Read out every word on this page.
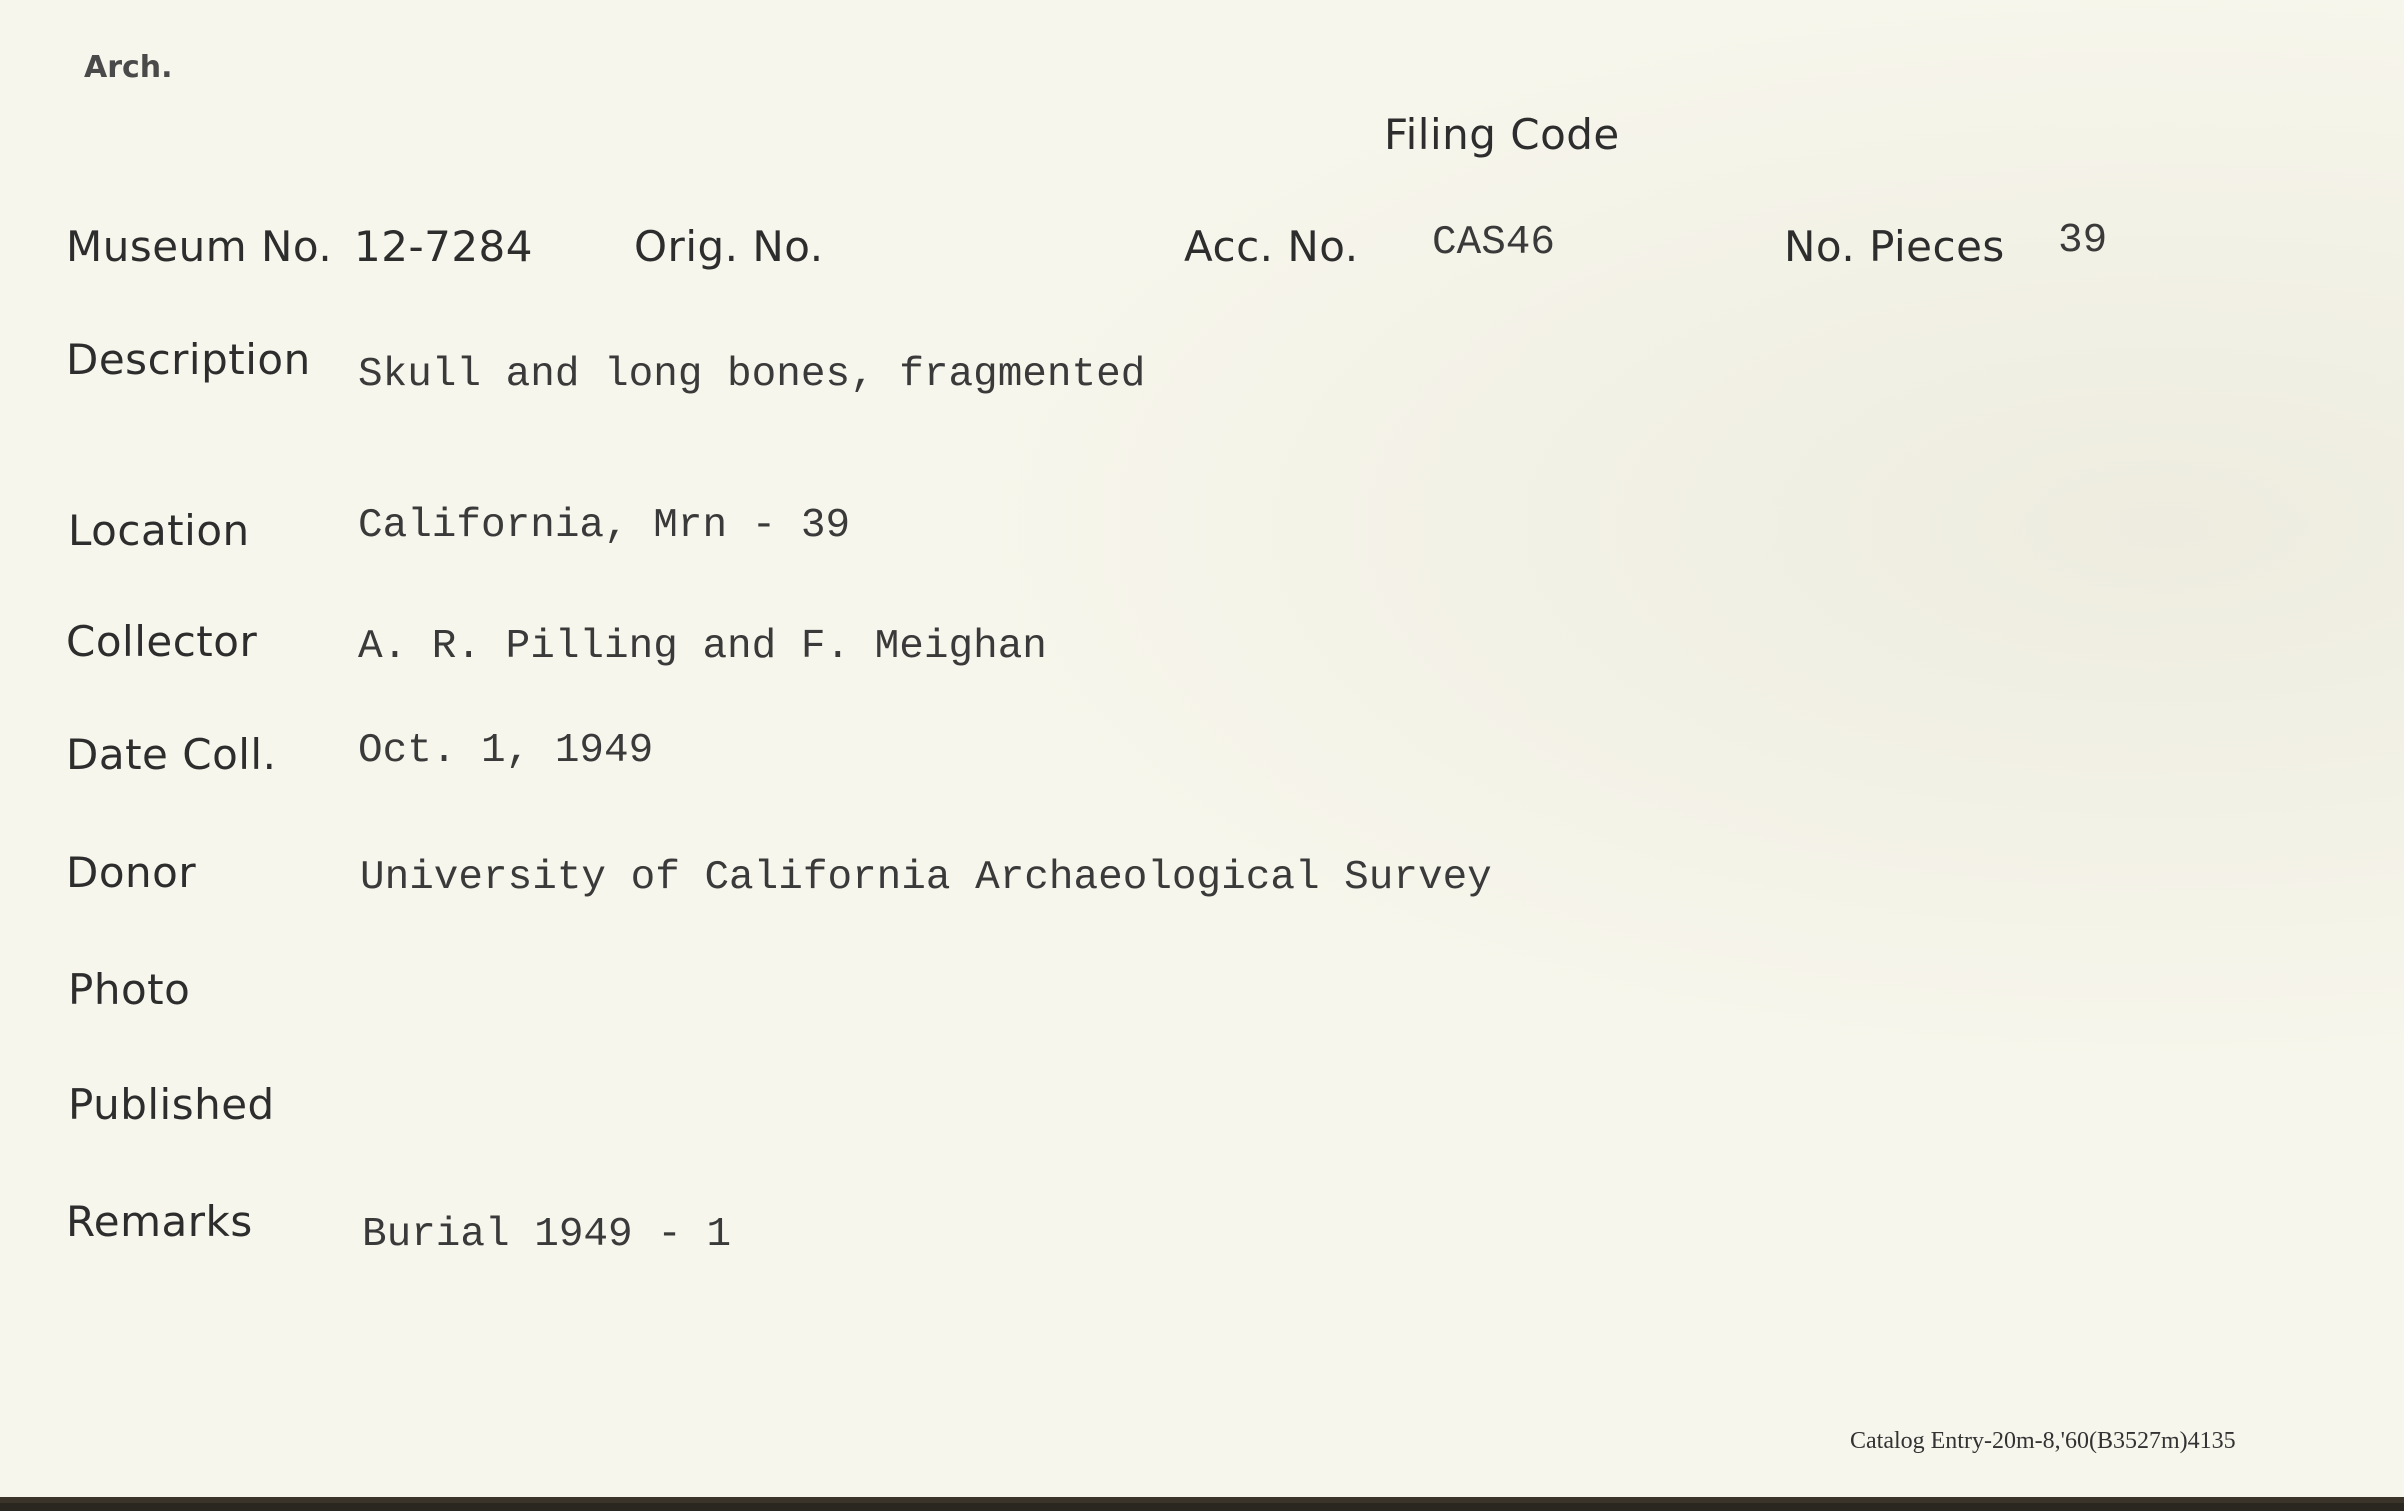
Arch.
Filing Code
Museum No. 12-7284 Orig. No.	Acc. No. CAS46	No. Pieces 39
Description Skull and long bones, fragmented
Location	California, Mrn - 39
Collector A. R. Pilling and F. Meighan
Date Coll. Oct. 1, 1949
Donor	University of California Archaeological Survey
Photo
Published
Remarks	Burial 1949 - 1
Catalog Entry-20m-8,'60(B3527m)4135
